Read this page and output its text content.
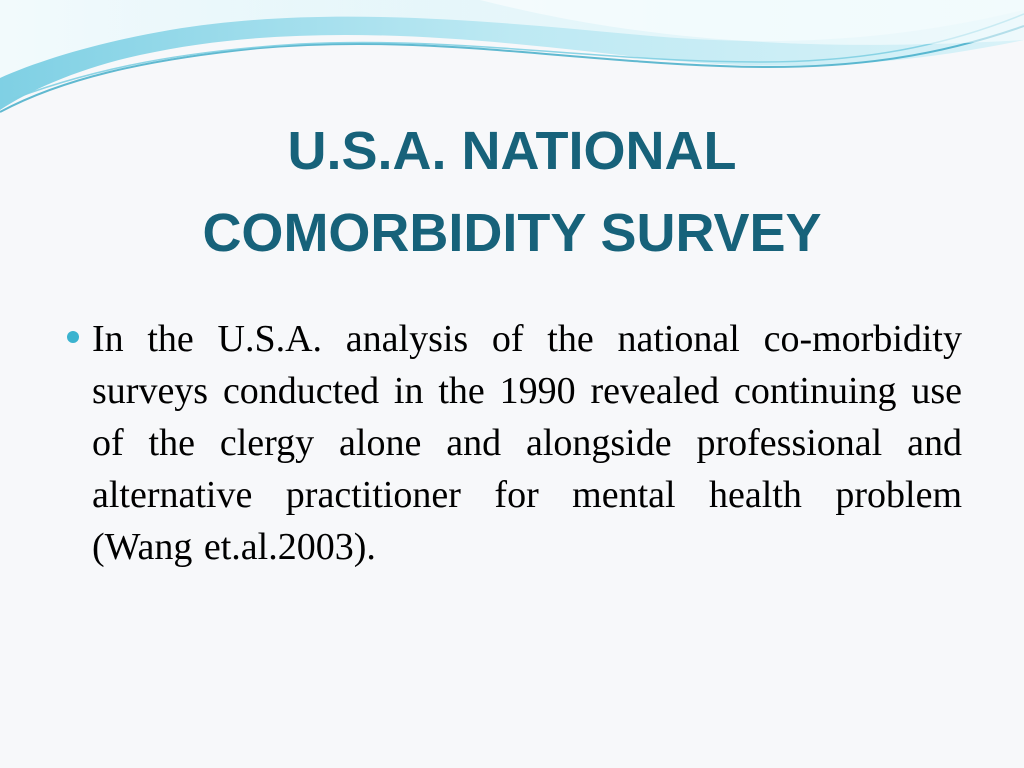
U.S.A. NATIONAL
COMORBIDITY SURVEY
In the U.S.A. analysis of the national co-morbidity surveys conducted in the 1990 revealed continuing use of the clergy alone and alongside professional and alternative practitioner for mental health problem (Wang et.al.2003).
